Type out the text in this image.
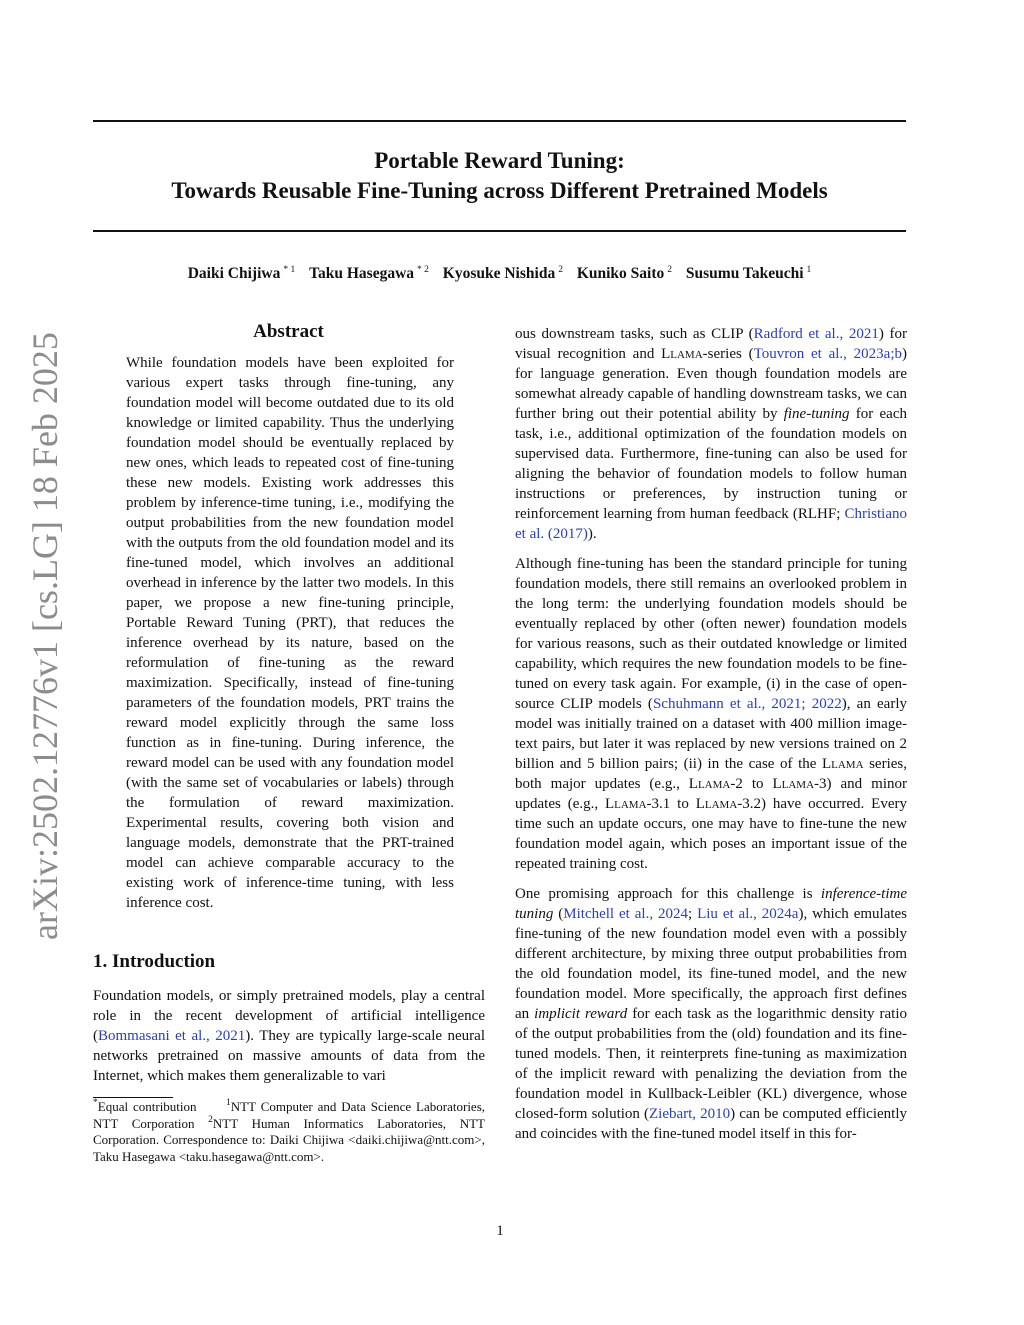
Portable Reward Tuning:
Towards Reusable Fine-Tuning across Different Pretrained Models
Daiki Chijiwa $^{* 1}$ Taku Hasegawa $^{* 2}$ Kyosuke Nishida $^2$ Kuniko Saito $^2$ Susumu Takeuchi $^1$
arXiv:2502.12776v1 [cs.LG] 18 Feb 2025
Abstract

While foundation models have been exploited for various expert tasks through fine-tuning, any foundation model will become outdated due to its old knowledge or limited capability. Thus the underlying foundation model should be eventually replaced by new ones, which leads to repeated cost of fine-tuning these new models. Existing work addresses this problem by inference-time tuning, i.e., modifying the output probabilities from the new foundation model with the outputs from the old foundation model and its fine-tuned model, which involves an additional overhead in inference by the latter two models. In this paper, we propose a new fine-tuning principle, Portable Reward Tuning (PRT), that reduces the inference overhead by its nature, based on the reformulation of fine-tuning as the reward maximization. Specifically, instead of fine-tuning parameters of the foundation models, PRT trains the reward model explicitly through the same loss function as in fine-tuning. During inference, the reward model can be used with any foundation model (with the same set of vocabularies or labels) through the formulation of reward maximization. Experimental results, covering both vision and language models, demonstrate that the PRT-trained model can achieve comparable accuracy to the existing work of inference-time tuning, with less inference cost.

1. Introduction

Foundation models, or simply pretrained models, play a central role in the recent development of artificial intelligence (Bommasani et al., 2021). They are typically large-scale neural networks pretrained on massive amounts of data from the Internet, which makes them generalizable to vari

ous downstream tasks, such as CLIP (Radford et al., 2021) for visual recognition and Llama-series (Touvron et al., 2023a;b) for language generation. Even though foundation models are somewhat already capable of handling downstream tasks, we can further bring out their potential ability by fine-tuning for each task, i.e., additional optimization of the foundation models on supervised data. Furthermore, fine-tuning can also be used for aligning the behavior of foundation models to follow human instructions or preferences, by instruction tuning or reinforcement learning from human feedback (RLHF; Christiano et al. (2017)).

Although fine-tuning has been the standard principle for tuning foundation models, there still remains an overlooked problem in the long term: the underlying foundation models should be eventually replaced by other (often newer) foundation models for various reasons, such as their outdated knowledge or limited capability, which requires the new foundation models to be fine-tuned on every task again. For example, (i) in the case of open-source CLIP models (Schuhmann et al., 2021; 2022), an early model was initially trained on a dataset with 400 million image-text pairs, but later it was replaced by new versions trained on 2 billion and 5 billion pairs; (ii) in the case of the Llama series, both major updates (e.g., Llama-2 to Llama-3) and minor updates (e.g., Llama-3.1 to Llama-3.2) have occurred. Every time such an update occurs, one may have to fine-tune the new foundation model again, which poses an important issue of the repeated training cost.

One promising approach for this challenge is inference-time tuning (Mitchell et al., 2024; Liu et al., 2024a), which emulates fine-tuning of the new foundation model even with a possibly different architecture, by mixing three output probabilities from the old foundation model, its fine-tuned model, and the new foundation model. More specifically, the approach first defines an implicit reward for each task as the logarithmic density ratio of the output probabilities from the (old) foundation and its fine-tuned models. Then, it reinterprets fine-tuning as maximization of the implicit reward with penalizing the deviation from the foundation model in Kullback-Leibler (KL) divergence, whose closed-form solution (Ziebart, 2010) can be computed efficiently and coincides with the fine-tuned model itself in this for-

*Equal contribution	$^1$NTT Computer and Data Science Laboratories, NTT Corporation $^2$NTT Human Informatics Laboratories, NTT Corporation. Correspondence to: Daiki Chijiwa <daiki.chijiwa@ntt.com>, Taku Hasegawa <taku.hasegawa@ntt.com>.
1
